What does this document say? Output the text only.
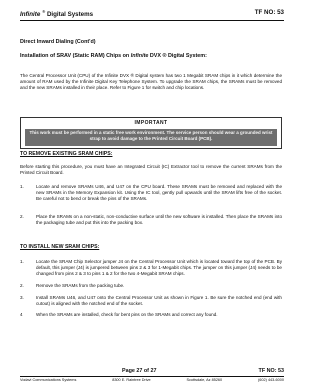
Infinite ® Digital Systems	TF NO: 53
Direct Inward Dialing (Cont'd)
Installation of SRAV (Static RAM) Chips on Infinite DVX ® Digital System:
The Central Processor Unit (CPU) of the Infinite DVX ® Digital system has two 1 Megabit SRAM chips in it which determine the amount of RAM used by the Infinite Digital Key Telephone System. To upgrade the SRAM chips, the SRAMs must be removed and the new SRAMs installed in their place. Refer to Figure 1 for switch and chip locations.
IMPORTANT
This work must be performed in a static free work environment. The service person should wear a grounded wrist strap to avoid damage to the Printed Circuit Board (PCB).
TO REMOVE EXISTING SRAM CHIPS:
Before starting this procedure, you must have an Integrated Circuit (IC) Extractor tool to remove the current SRAMs from the Printed Circuit Board.
1.	Locate and remove SRAMs U46, and U47 on the CPU board. These SRAMs must be removed and replaced with the new SRAMs in the Memory Expansion kit. Using the IC tool, gently pull upwards until the SRAM lifts free of the socket. Be careful not to bend or break the pins of the SRAMs.
2.	Place the SRAMs on a non-static, non-conductive surface until the new software is installed. Then place the SRAMs into the packaging tube and put this into the packing box.
TO INSTALL NEW SRAM CHIPS:
1.	Locate the SRAM Chip Selector jumper J4 on the Central Processor Unit which is located toward the top of the PCB. By default, this jumper (J4) is jumpered between pins 2 & 3 for 1-Megabit chips. The jumper on this jumper (J4) needs to be changed from pins 2 & 3 to pins 1 & 2 for the two 4-Megabit SRAM chips.
2.	Remove the SRAMs from the packing tube.
3.	Install SRAMs U46, and U47 onto the Central Processor Unit as shown in Figure 1. Be sure the notched end (end with cutout) is aligned with the notched end of the socket.
4	When the SRAMs are installed, check for bent pins on the SRAMs and correct any found.
Page 27 of 27	TF NO: 53
Vodavi Communications Systems	8300 E. Raintree Drive	Scottsdale, Az 85260	(602) 443-6000
